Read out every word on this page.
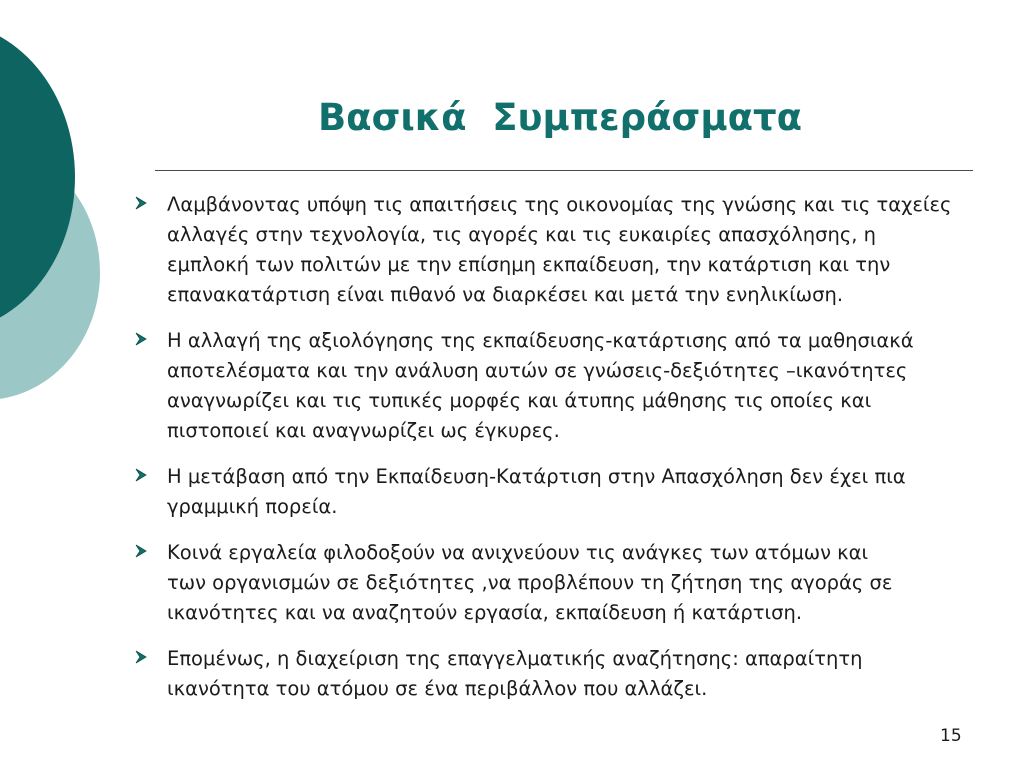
Βασικά  Συμπεράσματα
Λαμβάνοντας υπόψη τις απαιτήσεις της οικονομίας της γνώσης και τις ταχείες
αλλαγές στην τεχνολογία, τις αγορές και τις ευκαιρίες απασχόλησης, η
εμπλοκή των πολιτών με την επίσημη εκπαίδευση, την κατάρτιση και την
επανακατάρτιση είναι πιθανό να διαρκέσει και μετά την ενηλικίωση.
Η αλλαγή της αξιολόγησης της εκπαίδευσης-κατάρτισης από τα μαθησιακά
αποτελέσματα και την ανάλυση αυτών σε γνώσεις-δεξιότητες –ικανότητες
αναγνωρίζει και τις τυπικές μορφές και άτυπης μάθησης τις οποίες και
πιστοποιεί και αναγνωρίζει ως έγκυρες.
Η μετάβαση από την Εκπαίδευση-Κατάρτιση στην Απασχόληση δεν έχει πια
γραμμική πορεία.
Κοινά εργαλεία φιλοδοξούν να ανιχνεύουν τις ανάγκες των ατόμων και
των οργανισμών σε δεξιότητες ,να προβλέπουν τη ζήτηση της αγοράς σε
ικανότητες και να αναζητούν εργασία, εκπαίδευση ή κατάρτιση.
Επομένως, η διαχείριση της επαγγελματικής αναζήτησης: απαραίτητη
ικανότητα του ατόμου σε ένα περιβάλλον που αλλάζει.
15
